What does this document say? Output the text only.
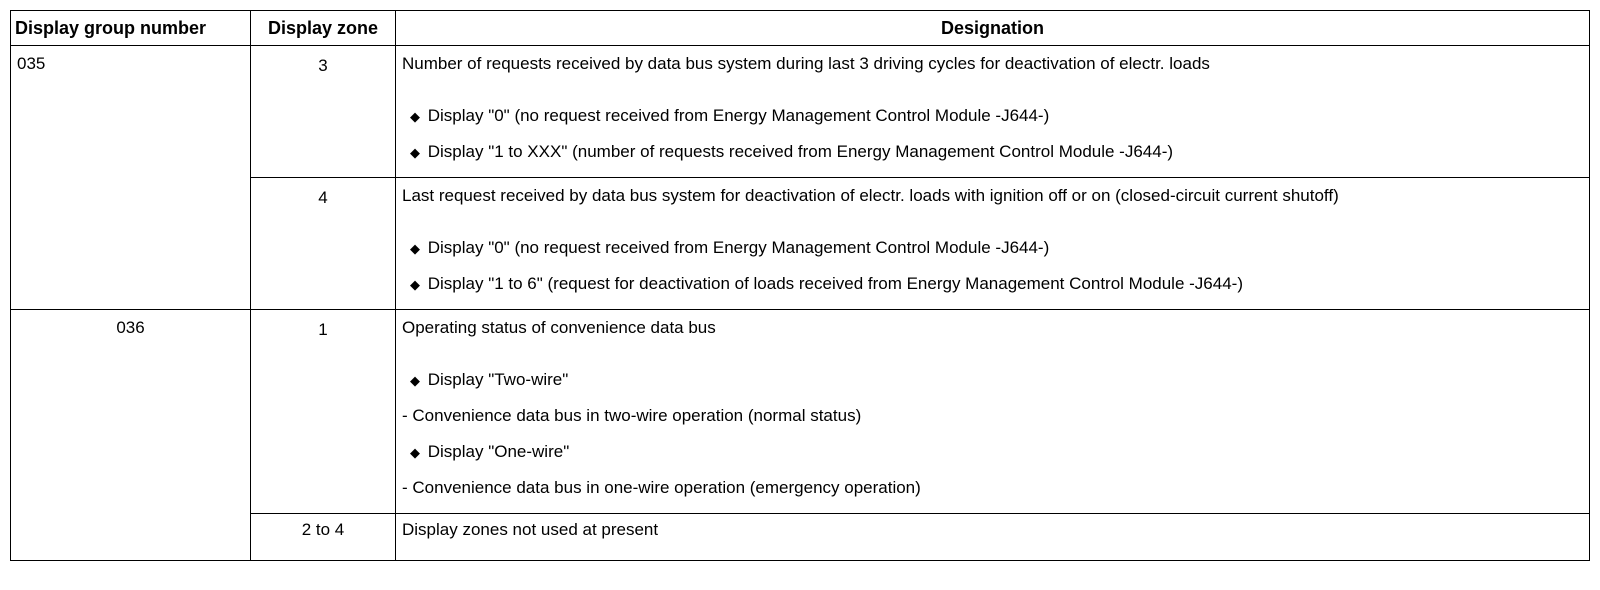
Display group number	Display zone	Designation
035	3	Number of requests received by data bus system during last 3 driving cycles for deactivation of electr. loads
◆ Display "0" (no request received from Energy Management Control Module -J644-)
◆ Display "1 to XXX" (number of requests received from Energy Management Control Module -J644-)

	4	Last request received by data bus system for deactivation of electr. loads with ignition off or on (closed-circuit current shutoff)
◆ Display "0" (no request received from Energy Management Control Module -J644-)
◆ Display "1 to 6" (request for deactivation of loads received from Energy Management Control Module -J644-)

036	1	Operating status of convenience data bus
◆ Display "Two-wire"
- Convenience data bus in two-wire operation (normal status)
◆ Display "One-wire"
- Convenience data bus in one-wire operation (emergency operation)

	2 to 4	Display zones not used at present
